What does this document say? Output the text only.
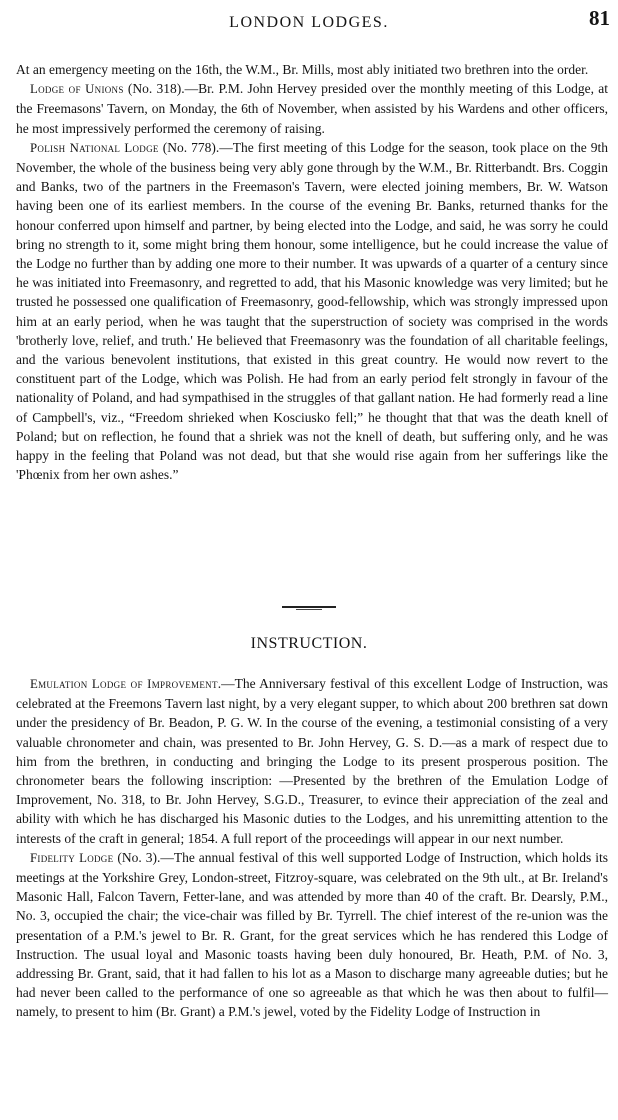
LONDON LODGES.	81

At an emergency meeting on the 16th, the W.M., Br. Mills, most ably initiated two brethren into the order.

Lodge of Unions (No. 318).—Br. P.M. John Hervey presided over the monthly meeting of this Lodge, at the Freemasons' Tavern, on Monday, the 6th of November, when assisted by his Wardens and other officers, he most impressively performed the ceremony of raising.

Polish National Lodge (No. 778).—The first meeting of this Lodge for the season, took place on the 9th November, the whole of the business being very ably gone through by the W.M., Br. Ritterbandt. Brs. Coggin and Banks, two of the partners in the Freemason's Tavern, were elected joining members, Br. W. Watson having been one of its earliest members. In the course of the evening Br. Banks, returned thanks for the honour conferred upon himself and partner, by being elected into the Lodge, and said, he was sorry he could bring no strength to it, some might bring them honour, some intelligence, but he could increase the value of the Lodge no further than by adding one more to their number. It was upwards of a quarter of a century since he was initiated into Freemasonry, and regretted to add, that his Masonic knowledge was very limited; but he trusted he possessed one qualification of Freemasonry, good-fellowship, which was strongly impressed upon him at an early period, when he was taught that the superstruction of society was comprised in the words 'brotherly love, relief, and truth.' He believed that Freemasonry was the foundation of all charitable feelings, and the various benevolent institutions, that existed in this great country. He would now revert to the constituent part of the Lodge, which was Polish. He had from an early period felt strongly in favour of the nationality of Poland, and had sympathised in the struggles of that gallant nation. He had formerly read a line of Campbell's, viz., “Freedom shrieked when Kosciusko fell;” he thought that that was the death knell of Poland; but on reflection, he found that a shriek was not the knell of death, but suffering only, and he was happy in the feeling that Poland was not dead, but that she would rise again from her sufferings like the 'Phœnix from her own ashes.”

INSTRUCTION.

Emulation Lodge of Improvement.—The Anniversary festival of this excellent Lodge of Instruction, was celebrated at the Freemons Tavern last night, by a very elegant supper, to which about 200 brethren sat down under the presidency of Br. Beadon, P. G. W. In the course of the evening, a testimonial consisting of a very valuable chronometer and chain, was presented to Br. John Hervey, G. S. D.—as a mark of respect due to him from the brethren, in conducting and bringing the Lodge to its present prosperous position. The chronometer bears the following inscription: —Presented by the brethren of the Emulation Lodge of Improvement, No. 318, to Br. John Hervey, S.G.D., Treasurer, to evince their appreciation of the zeal and ability with which he has discharged his Masonic duties to the Lodges, and his unremitting attention to the interests of the craft in general; 1854. A full report of the proceedings will appear in our next number.

Fidelity Lodge (No. 3).—The annual festival of this well supported Lodge of Instruction, which holds its meetings at the Yorkshire Grey, London-street, Fitzroy-square, was celebrated on the 9th ult., at Br. Ireland's Masonic Hall, Falcon Tavern, Fetter-lane, and was attended by more than 40 of the craft. Br. Dearsly, P.M., No. 3, occupied the chair; the vice-chair was filled by Br. Tyrrell. The chief interest of the re-union was the presentation of a P.M.'s jewel to Br. R. Grant, for the great services which he has rendered this Lodge of Instruction. The usual loyal and Masonic toasts having been duly honoured, Br. Heath, P.M. of No. 3, addressing Br. Grant, said, that it had fallen to his lot as a Mason to discharge many agreeable duties; but he had never been called to the performance of one so agreeable as that which he was then about to fulfil—namely, to present to him (Br. Grant) a P.M.'s jewel, voted by the Fidelity Lodge of Instruction in
